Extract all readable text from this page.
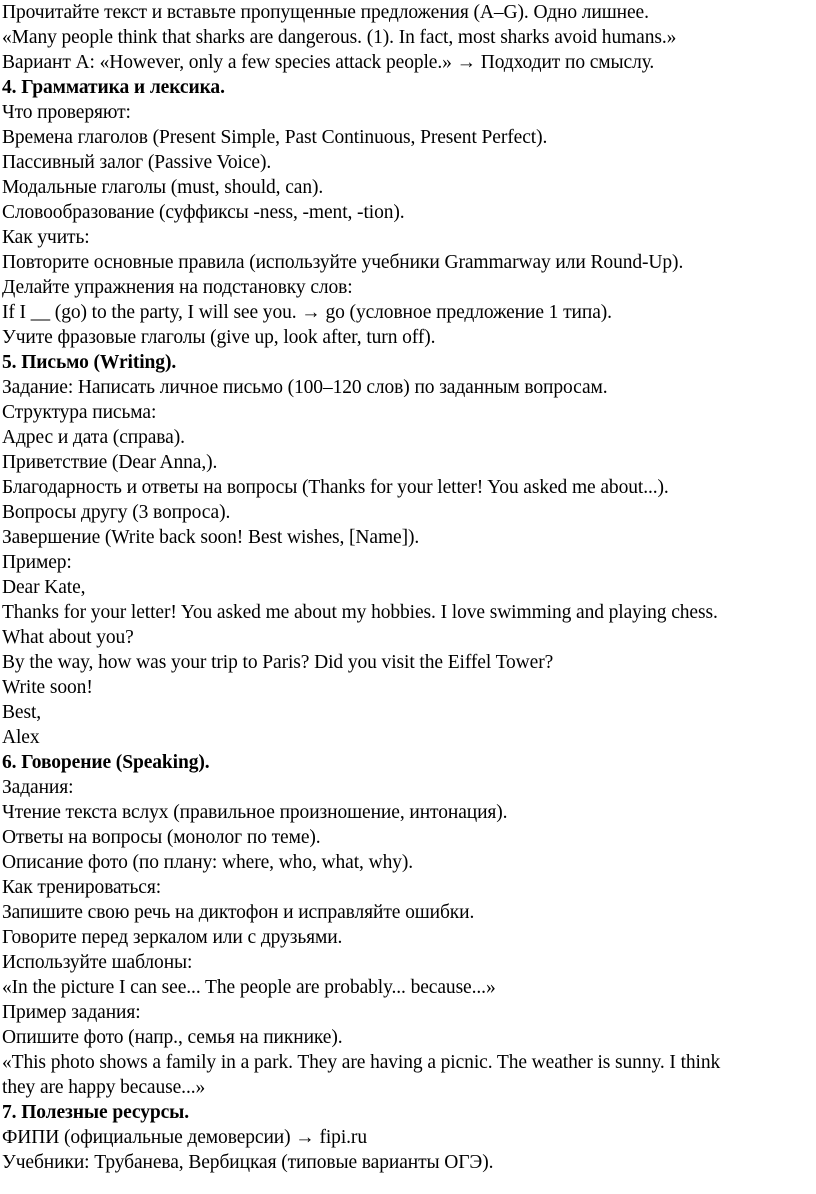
Прочитайте текст и вставьте пропущенные предложения (A–G). Одно лишнее.
«Many people think that sharks are dangerous. (1). In fact, most sharks avoid humans.»
Вариант A: «However, only a few species attack people.» → Подходит по смыслу.
4. Грамматика и лексика.
Что проверяют:
Времена глаголов (Present Simple, Past Continuous, Present Perfect).
Пассивный залог (Passive Voice).
Модальные глаголы (must, should, can).
Словообразование (суффиксы -ness, -ment, -tion).
Как учить:
Повторите основные правила (используйте учебники Grammarway или Round-Up).
Делайте упражнения на подстановку слов:
If I __ (go) to the party, I will see you. → go (условное предложение 1 типа).
Учите фразовые глаголы (give up, look after, turn off).
5. Письмо (Writing).
Задание: Написать личное письмо (100–120 слов) по заданным вопросам.
Структура письма:
Адрес и дата (справа).
Приветствие (Dear Anna,).
Благодарность и ответы на вопросы (Thanks for your letter! You asked me about...).
Вопросы другу (3 вопроса).
Завершение (Write back soon! Best wishes, [Name]).
Пример:
Dear Kate,
Thanks for your letter! You asked me about my hobbies. I love swimming and playing chess.
What about you?
By the way, how was your trip to Paris? Did you visit the Eiffel Tower?
Write soon!
Best,
Alex
6. Говорение (Speaking).
Задания:
Чтение текста вслух (правильное произношение, интонация).
Ответы на вопросы (монолог по теме).
Описание фото (по плану: where, who, what, why).
Как тренироваться:
Запишите свою речь на диктофон и исправляйте ошибки.
Говорите перед зеркалом или с друзьями.
Используйте шаблоны:
«In the picture I can see... The people are probably... because...»
Пример задания:
Опишите фото (напр., семья на пикнике).
«This photo shows a family in a park. They are having a picnic. The weather is sunny. I think
they are happy because...»
7. Полезные ресурсы.
ФИПИ (официальные демоверсии) → fipi.ru
Учебники: Трубанева, Вербицкая (типовые варианты ОГЭ).
